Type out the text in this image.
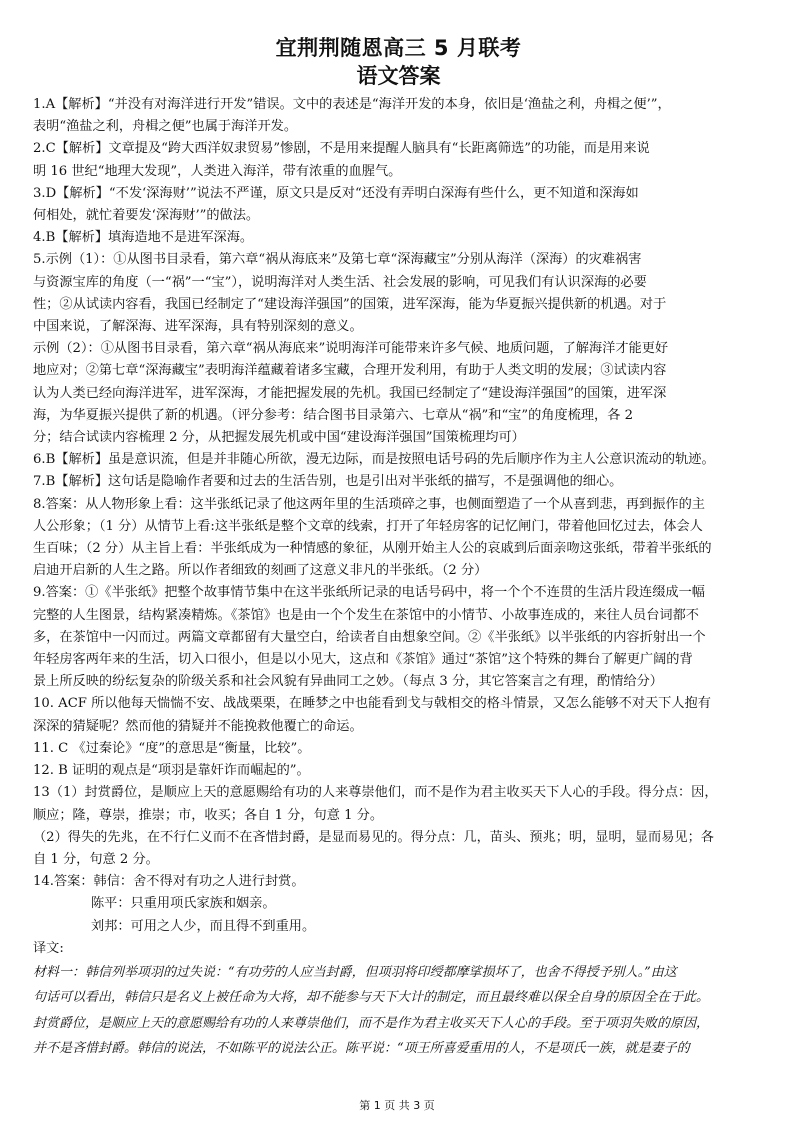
宜荆荆随恩高三 5 月联考
语文答案
1.A【解析】“并没有对海洋进行开发”错误。文中的表述是“海洋开发的本身，依旧是‘渔盐之利，舟楫之便’”，
表明“渔盐之利，舟楫之便”也属于海洋开发。
2.C【解析】文章提及“跨大西洋奴隶贸易”惨剧，不是用来提醒人脑具有“长距离筛选”的功能，而是用来说
明 16 世纪“地理大发现”，人类进入海洋，带有浓重的血腥气。
3.D【解析】“不发‘深海财’”说法不严谨，原文只是反对“还没有弄明白深海有些什么，更不知道和深海如
何相处，就忙着要发‘深海财’”的做法。
4.B【解析】填海造地不是进军深海。
5.示例（1）：①从图书目录看，第六章“祸从海底来”及第七章“深海藏宝”分别从海洋（深海）的灾难祸害
与资源宝库的角度（一“祸”一“宝”），说明海洋对人类生活、社会发展的影响，可见我们有认识深海的必要
性；②从试读内容看，我国已经制定了“建设海洋强国”的国策，进军深海，能为华夏振兴提供新的机遇。对于
中国来说，了解深海、进军深海，具有特别深刻的意义。
示例（2）：①从图书目录看，第六章“祸从海底来”说明海洋可能带来许多气候、地质问题，了解海洋才能更好
地应对；②第七章“深海藏宝”表明海洋蕴藏着诸多宝藏，合理开发利用，有助于人类文明的发展；③试读内容
认为人类已经向海洋进军，进军深海，才能把握发展的先机。我国已经制定了“建设海洋强国”的国策，进军深
海，为华夏振兴提供了新的机遇。（评分参考：结合图书目录第六、七章从“祸”和“宝”的角度梳理，各 2
分；结合试读内容梳理 2 分，从把握发展先机或中国“建设海洋强国”国策梳理均可）
6.B【解析】虽是意识流，但是并非随心所欲，漫无边际，而是按照电话号码的先后顺序作为主人公意识流动的轨迹。
7.B【解析】这句话是隐喻作者要和过去的生活告别，也是引出对半张纸的描写，不是强调他的细心。
8.答案：从人物形象上看：这半张纸记录了他这两年里的生活琐碎之事，也侧面塑造了一个从喜到悲，再到振作的主
人公形象；（1 分）从情节上看:这半张纸是整个文章的线索，打开了年轻房客的记忆闸门，带着他回忆过去，体会人
生百味；（2 分）从主旨上看：半张纸成为一种情感的象征，从刚开始主人公的哀戚到后面亲吻这张纸，带着半张纸的
启迪开启新的人生之路。所以作者细致的刻画了这意义非凡的半张纸。（2 分）
9.答案：①《半张纸》把整个故事情节集中在这半张纸所记录的电话号码中，将一个个不连贯的生活片段连缀成一幅
完整的人生图景，结构紧凑精炼。《茶馆》也是由一个个发生在茶馆中的小情节、小故事连成的，来往人员台词都不
多，在茶馆中一闪而过。两篇文章都留有大量空白，给读者自由想象空间。②《半张纸》以半张纸的内容折射出一个
年轻房客两年来的生活，切入口很小，但是以小见大，这点和《茶馆》通过“茶馆”这个特殊的舞台了解更广阔的背
景上所反映的纷纭复杂的阶级关系和社会风貌有异曲同工之妙。（每点 3 分，其它答案言之有理，酌情给分）
10. ACF 所以他每天惴惴不安、战战栗栗，在睡梦之中也能看到戈与戟相交的格斗情景，又怎么能够不对天下人抱有
深深的猜疑呢？然而他的猜疑并不能挽救他覆亡的命运。
11. C 《过秦论》“度”的意思是“衡量，比较”。
12. B 证明的观点是“项羽是靠奸诈而崛起的”。
13（1）封赏爵位，是顺应上天的意愿赐给有功的人来尊崇他们，而不是作为君主收买天下人心的手段。得分点：因，
顺应；隆，尊崇，推崇；市，收买；各自 1 分，句意 1 分。
（2）得失的先兆，在不行仁义而不在吝惜封爵，是显而易见的。得分点：几，苗头、预兆；明，显明，显而易见；各
自 1 分，句意 2 分。
14.答案：韩信：舍不得对有功之人进行封赏。
陈平：只重用项氏家族和姻亲。
刘邦：可用之人少，而且得不到重用。
译文:
材料一：韩信列举项羽的过失说：“有功劳的人应当封爵，但项羽将印绶都摩挲损坏了，也舍不得授予别人。”由这
句话可以看出，韩信只是名义上被任命为大将，却不能参与天下大计的制定，而且最终难以保全自身的原因全在于此。
封赏爵位，是顺应上天的意愿赐给有功的人来尊崇他们，而不是作为君主收买天下人心的手段。至于项羽失败的原因，
并不是吝惜封爵。韩信的说法，不如陈平的说法公正。陈平说：“项王所喜爱重用的人，不是项氏一族，就是妻子的
第 1 页 共 3 页
